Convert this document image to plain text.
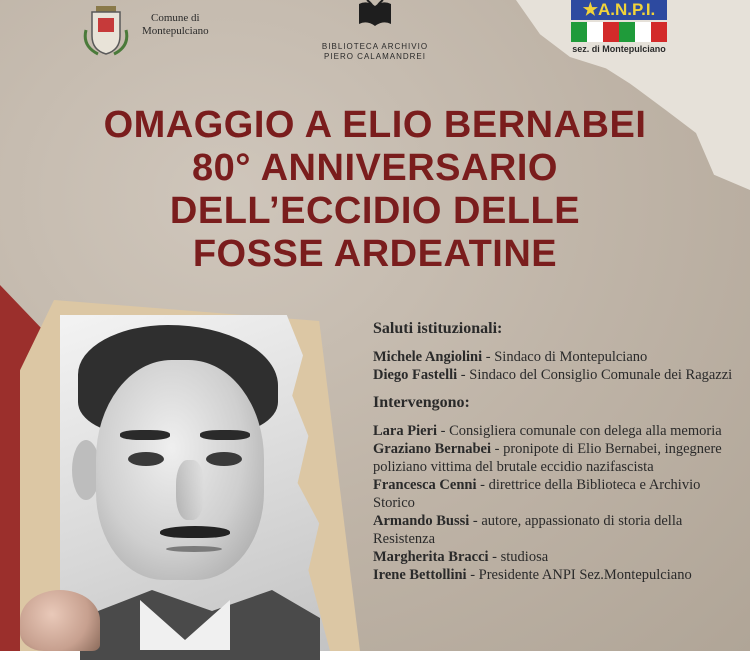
Comune di
Montepulciano
BIBLIOTECA ARCHIVIO
PIERO CALAMANDREI
★A.N.P.I.
sez. di Montepulciano
OMAGGIO A ELIO BERNABEI
80° ANNIVERSARIO
DELL’ECCIDIO DELLE
FOSSE ARDEATINE
Saluti istituzionali:

Michele Angiolini - Sindaco di Montepulciano

Diego Fastelli - Sindaco del Consiglio Comunale dei Ragazzi

Intervengono:

Lara Pieri - Consigliera comunale con delega alla memoria

Graziano Bernabei - pronipote di Elio Bernabei, ingegnere poliziano vittima del brutale eccidio nazifascista

Francesca Cenni - direttrice della Biblioteca e Archivio Storico

Armando Bussi - autore, appassionato di storia della Resistenza

Margherita Bracci - studiosa

Irene Bettollini - Presidente ANPI Sez.Montepulciano
